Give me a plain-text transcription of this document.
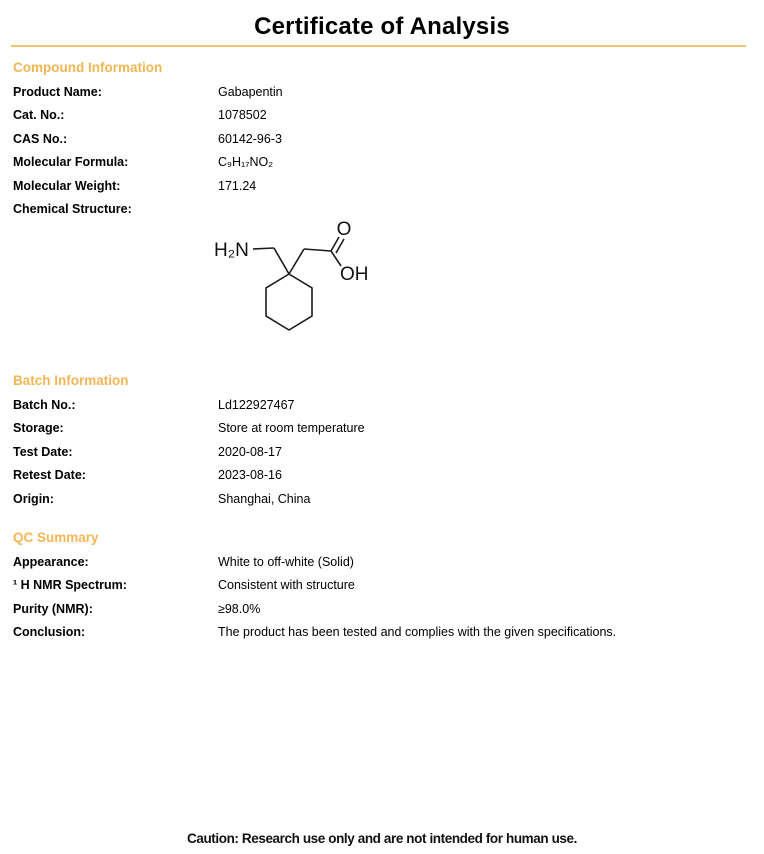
Certificate of Analysis
Compound Information
Product Name:	Gabapentin
Cat. No.:	1078502
CAS No.:	60142-96-3
Molecular Formula:	C₉H₁₇NO₂
Molecular Weight:	171.24
Chemical Structure:
H₂N
O
OH
Batch Information
Batch No.:	Ld122927467
Storage:	Store at room temperature
Test Date:	2020-08-17
Retest Date:	2023-08-16
Origin:	Shanghai, China
QC Summary
Appearance:	White to off-white (Solid)
¹ H NMR Spectrum:	Consistent with structure
Purity (NMR):	≥98.0%
Conclusion:	The product has been tested and complies with the given specifications.
Caution: Research use only and are not intended for human use.
